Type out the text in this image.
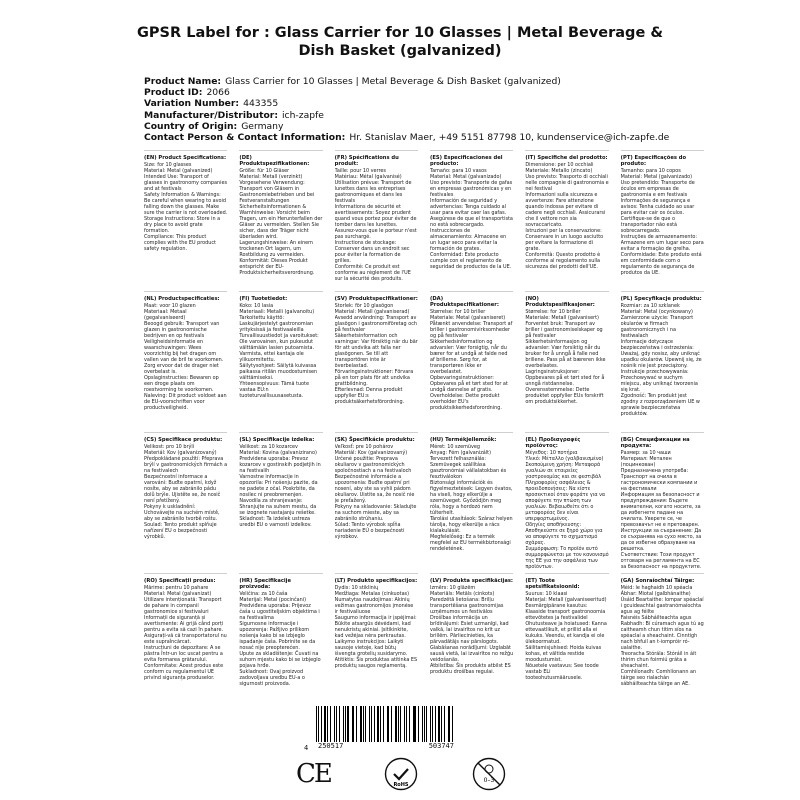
GPSR Label for : Glass Carrier for 10 Glasses | Metal Beverage & Dish Basket (galvanized)
Product Name: Glass Carrier for 10 Glasses | Metal Beverage & Dish Basket (galvanized)
Product ID: 2066
Variation Number: 443355
Manufacturer/Distributor: ich-zapfe
Country of Origin: Germany
Contact Person & Contact Information: Hr. Stanislav Maer, +49 5151 87798 10, kundenservice@ich-zapfe.de
(EN) Product Specifications:
Size: for 10 glasses
Material: Metal (galvanized)
Intended Use: Transport of glasses in gastronomy companies and at festivals
Safety Information & Warnings: Be careful when wearing to avoid falling down the glasses. Make sure the carrier is not overloaded.
Storage Instructions: Store in a dry place to avoid grate formation.
Compliance: This product complies with the EU product safety regulation.
(DE) Produktspezifikationen:
Größe: für 10 Gläser
Material: Metall (verzinkt)
Vorgesehene Verwendung: Transport von Gläsern in Gastronomiebetrieben und bei Festveranstaltungen
Sicherheitsinformationen & Warnhinweise: Vorsicht beim Tragen, um ein Herunterfallen der Gläser zu vermeiden. Stellen Sie sicher, dass der Träger nicht überladen wird.
Lagerungshinweise: An einem trockenen Ort lagern, um Rostbildung zu vermeiden.
Konformität: Dieses Produkt entspricht der EU-Produktsicherheitsverordnung.
(FR) Spécifications du produit:
Taille: pour 10 verres
Matériau: Métal (galvanisé)
Utilisation prévue: Transport de lunettes dans les entreprises gastronomiques et dans les festivals
Informations de sécurité et avertissements: Soyez prudent quand vous portez pour éviter de tomber dans les lunettes. Assurez-vous que le porteur n'est pas surchargé.
Instructions de stockage: Conserver dans un endroit sec pour éviter la formation de grilles.
Conformité: Ce produit est conforme au règlement de l'UE sur la sécurité des produits.
(ES) Especificaciones del producto:
Tamaño: para 10 vasos
Material: Metal (galvanizado)
Uso previsto: Transporte de gafas en empresas gastronómicas y en festivales
Información de seguridad y advertencias: Tenga cuidado al usar para evitar caer las gafas. Asegúrese de que el transportista no está sobrecargado.
Instrucciones de almacenamiento: Almacene en un lugar seco para evitar la formación de grates.
Conformidad: Este producto cumple con el reglamento de seguridad de productos de la UE.
(IT) Specifiche del prodotto:
Dimensione: per 10 occhiali
Materiale: Metallo (zincato)
Uso previsto: Trasporto di occhiali nelle compagnie di gastronomia e nei festival
Informazioni sulla sicurezza e avvertenze: Fare attenzione quando indossa per evitare di cadere negli occhiali. Assicurarsi che il vettore non sia sovraccaricato.
Istruzioni per la conservazione: Conservare in un luogo asciutto per evitare la formazione di grate.
Conformità: Questo prodotto è conforme al regolamento sulla sicurezza dei prodotti dell'UE.
(PT) Especificações do produto:
Tamanho: para 10 copos
Material: Metal (galvanizado)
Uso pretendido: Transporte de óculos em empresas de gastronomia e em festivais
Informações de segurança e avisos: Tenha cuidado ao usar para evitar cair os óculos. Certifique-se de que o transportador não está sobrecarregado.
Instruções de armazenamento: Armazene em um lugar seco para evitar a formação de grelha.
Conformidade: Este produto está em conformidade com o regulamento de segurança de produtos da UE.
(NL) Productspecificaties:
Maat: voor 10 glazen
Materiaal: Metaal (gegalvaniseerd)
Beoogd gebruik: Transport van glazen in gastronomische bedrijven en op festivals
Veiligheidsinformatie en waarschuwingen: Wees voorzichtig bij het dragen om vallen van de bril te voorkomen. Zorg ervoor dat de drager niet overbelast is.
Opslaginstructies: Bewaren op een droge plaats om roestvorming te voorkomen.
Naleving: Dit product voldoet aan de EU-voorschriften voor productveiligheid.
(FI) Tuotetiedot:
Koko: 10 lasia
Materiaali: Metalli (galvanoitu)
Tarkoitettu käyttö: Laskujärjestelyt gastronomian yrityksissä ja festivaaleilla
Turvallisuustiedot ja varoitukset: Ole varovainen, kun pukeudut välttämään lasien putoamista. Varmista, ettei kantaja ole ylikuormitettu.
Säilytysohjeet: Säilytä kuivassa paikassa ritilän muodostumisen välttämiseksi.
Yhteensopivuus: Tämä tuote vastaa EU:n tuoteturvallisuusasetusta.
(SV) Produktspecifikationer:
Storlek: för 10 glasögon
Material: Metall (galvaniserad)
Avsedd användning: Transport av glasögon i gastronomiföretag och på festivaler
Säkerhetsinformation och varningar: Var försiktig när du bär för att undvika att falla ner glasögonen. Se till att transportören inte är överbelastad.
Förvaringsinstruktioner: Förvara på en torr plats för att undvika grattbildning.
Efterlevnad: Denna produkt uppfyller EU:s produktsäkerhetsförordning.
(DA) Produktspecifikationer:
Størrelse: for 10 briller
Materiale: Metal (galvaniseret)
Påtænkt anvendelse: Transport af briller i gastronomivirksomheder og på festivaler
Sikkerhedsinformation og advarsler: Vær forsigtig, når du bærer for at undgå at falde ned af brillerne. Sørg for, at transportøren ikke er overbelastet.
Opbevaringsinstruktioner: Opbevares på et tørt sted for at undgå dannelse af gratis.
Overholdelse: Dette produkt overholder EU's produktsikkerhedsforordning.
(NO) Produktspesifikasjoner:
Størrelse: for 10 briller
Materiale: Metall (galvanisert)
Forventet bruk: Transport av briller i gastronomiselskaper og på festivaler
Sikkerhetsinformasjon og advarsler: Vær forsiktig når du bruker for å unngå å falle ned brillene. Pass på at bæreren ikke overbelastes.
Lagringsinstruksjoner: Oppbevares på et tørt sted for å unngå ristdannelse.
Overensstemmelse: Dette produktet oppfyller EUs forskrift om produktsikkerhet.
(PL) Specyfikacje produktu:
Rozmiar: za 10 szklanek
Materiał: Metal (ocynkowany)
Zamierzone użycie: Transport okularów w firmach gastronomicznych i na festiwalach
Informacje dotyczące bezpieczeństwa i ostrzeżenia: Uważaj, gdy nosisz, aby uniknąć upadku okularów. Upewnij się, że nośnik nie jest przeciążony.
Instrukcje przechowywania: Przechowywać w suchym miejscu, aby uniknąć tworzenia się krat.
Zgodność: Ten produkt jest zgodny z rozporządzeniem UE w sprawie bezpieczeństwa produktów.
(CS) Specifikace produktu:
Velikost: pro 10 brýlí
Materiál: Kov (galvanizovaný)
Předpokládané použití: Přeprava brýlí v gastronomických firmách a na festivalech
Bezpečnostní informace a varování: Buďte opatrní, když nosíte, aby se zabránilo pádu dolů brýle. Ujistěte se, že nosič není přetížený.
Pokyny k uskladnění: Uchovávejte na suchém místě, aby se zabránilo tvorbě roštu.
Soulad: Tento produkt splňuje nařízení EU o bezpečnosti výrobků.
(SL) Specifikacije izdelka:
Velikost: za 10 kozarcev
Material: Kovina (galvanizirano)
Predvidena uporaba: Prevoz kozarcev v gostinskih podjetjih in na festivalih
Varnostne informacije in opozorila: Pri nošenju pazite, da ne padete z očal. Poskrbite, da nosilec ni preobremenjen.
Navodila za shranjevanje: Shranjujte na suhem mestu, da se izognete nastajanju rešetke.
Skladnost: Ta izdelek ustreza uredbi EU o varnosti izdelkov.
(SK) Špecifikácie produktu:
Veľkosť: pre 10 pohárov
Materiál: Kov (galvanizovaný)
Určené použitie: Preprava okuliarov v gastronomických spoločnostiach a na festivaloch
Bezpečnostné informácie a upozornenia: Buďte opatrní pri nosení, aby ste sa vyhli pádom okuliarov. Uistite sa, že nosič nie je preťažený.
Pokyny na skladovanie: Skladujte na suchom mieste, aby sa zabránilo strúhaniu.
Súlad: Tento výrobok spĺňa nariadenie EÚ o bezpečnosti výrobkov.
(HU) Termékjellemzők:
Méret: 10 szemüveg
Anyag: Fém (galvanizált)
Tervezett felhasználás: Szemüvegek szállítása gasztronómiai vállalatokban és fesztiválokon
Biztonsági információk és figyelmeztetések: Legyen óvatos, ha viseli, hogy elkerülje a szemüveget. Győződjön meg róla, hogy a hordozó nem túlterhelt.
Tárolási utasítások: Száraz helyen tárolja, hogy elkerülje a rács kialakulását.
Megfelelőség: Ez a termék megfelel az EU termékbiztonsági rendeletének.
(EL) Προδιαγραφές προϊόντος:
Μέγεθος: 10 ποτήρια
Υλικό: Μέταλλο (γαλβανισμένο)
Σκοπούμενη χρήση: Μεταφορά γυαλιών σε εταιρείες γαστρονομίας και σε φεστιβάλ
Πληροφορίες ασφάλειας & προειδοποιήσεις: Να είστε προσεκτικοί όταν φοράτε για να αποφύγετε την πτώση των γυαλιών. Βεβαιωθείτε ότι ο μεταφορέας δεν είναι υπερφορτωμένος.
Οδηγίες αποθήκευσης: Αποθηκεύστε σε ξηρό χώρο για να αποφύγετε το σχηματισμό σχάρας.
Συμμόρφωση: Το προϊόν αυτό συμμορφώνεται με τον κανονισμό της ΕΕ για την ασφάλεια των προϊόντων.
(BG) Спецификации на продукта:
Размер: за 10 чаши
Материал: Метален (поцинкован)
Предназначена употреба: Транспорт на очила в гастрономически компании и на фестивали
Информация за безопасност и предупреждения: Бъдете внимателни, когато носите, за да избегнете падане на очилата. Уверете се, че превозвачът не е претоварен.
Инструкции за съхранение: Да се съхранява на сухо място, за да се избегне образуване на решетка.
Съответствие: Този продукт отговаря на регламента на ЕС за безопасност на продуктите.
(RO) Specificații produs:
Mărime: pentru 10 pahare
Material: Metal (galvanizat)
Utilizare intenționată: Transport de pahare in companii gastronomice si festivaluri
Informații de siguranță și avertismente: Ai grijă când porți pentru a evita să cazi în pahare. Asigurați-vă că transportatorul nu este supraîncărcat.
Instrucțiuni de depozitare: A se păstra într-un loc uscat pentru a evita formarea grătarului.
Conformitate: Acest produs este conform cu regulamentul UE privind siguranța produselor.
(HR) Specifikacije proizvoda:
Veličina: za 10 čaša
Materijal: Metal (pocinčani)
Predviđena uporaba: Prijevoz čaša u ugostiteljskim objektima i na festivalima
Sigurnosne informacije i upozorenja: Pažljivo prilikom nošenja kako bi se izbjeglo ispadanje čaša. Pobrinite se da nosač nije preopterećen.
Upute za skladištenje: Čuvati na suhom mjestu kako bi se izbjeglo pojava hrđe.
Sukladnost: Ovaj proizvod zadovoljava uredbu EU-a o sigurnosti proizvoda.
(LT) Produkto specifikacijos:
Dydis: 10 stiklinių
Medžiaga: Metalas (cinkuotas)
Numatytas naudojimas: Akinių vežimas gastronomijos įmonėse ir festivaliuose
Saugumo informacija ir įspėjimai: Būkite atsargūs dėvėdami, kad nenukristų akiniai. Įsitikinkite, kad vežėjas nėra perkrautas.
Laikymo instrukcijos: Laikyti sausoje vietoje, kad būtų išvengta grotelių susidarymo.
Atitiktis: Šis produktas atitinka ES produktų saugos reglamentą.
(LV) Produkta specifikācijas:
Izmērs: 10 glāzēm
Materiāls: Metāls (cinkots)
Paredzētā lietošana: Brilļu transportēšana gastronomijas uzņēmumos un festivālos
Drošības informācija un brīdinājumi: Esiet uzmanīgi, kad valkā, lai izvairītos no krīt uz brillēm. Pārliecinieties, ka pārvadātājs nav pārslogots.
Glabāšanas norādījumi: Uzglabāt sausā vietā, lai izvairītos no režģu veidošanās.
Atbilstība: Šis produkts atbilst ES produktu drošības regulai.
(ET) Toote spetsifikatsioonid:
Suurus: 10 klaasi
Materjal: Metall (galvaniseeritud)
Eesmärgipärane kasutus: Klaaside transport gastronoomia ettevõtetes ja festivalidel
Ohutusteave ja hoiatused: Kanna ettevaatlikult, et prillid alla ei kukuks. Veendu, et kandja ei ole ülekoormatud.
Säilitamisjuhised: Hoida kuivas kohas, et vältida restide moodustumist.
Nõuetele vastavus: See toode vastab ELi tooteohutusmäärusele.
(GA) Sonraíochtaí Táirge:
Méid: le haghaidh 10 spéacla
Ábhar: Miotal (galbhánaithe)
Úsáid Beartaithe: Iompar spéaclaí i gcuideachtaí gastranómaíochta agus ag féilte
Faisnéis Sábháilteachta agus Rabhadh: Bí cúramach agus tú ag caitheamh chun titim síos na spéaclaí a sheachaint. Cinntigh nach bhfuil an t-iompróir ró-ualaithe.
Treoracha Stórála: Stóráil in áit thirim chun foirmiú gráta a sheachaint.
Comhlíonadh: Comhlíonann an táirge seo rialachán sábháilteachta táirge an AE.
4 250517	503747
CE	RoHS
0–3
